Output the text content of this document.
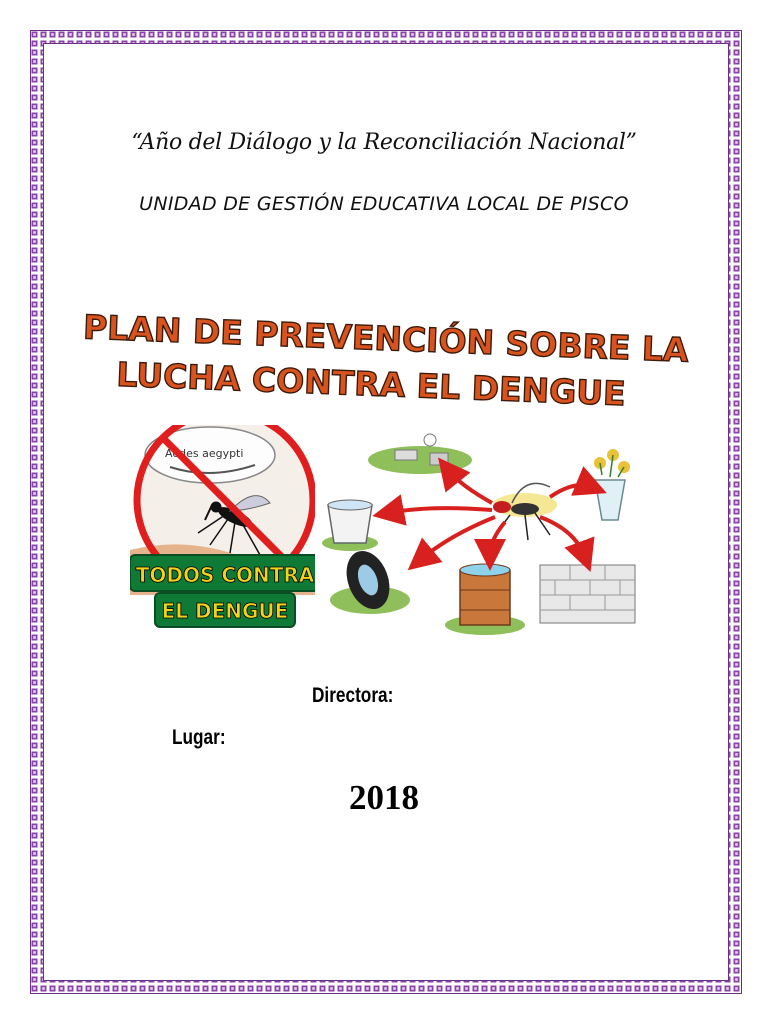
“Año del Diálogo y la Reconciliación Nacional”
UNIDAD DE GESTIÓN EDUCATIVA LOCAL DE PISCO
PLAN DE PREVENCIÓN SOBRE LA
LUCHA CONTRA EL DENGUE
Aedes aegypti
TODOS CONTRA
EL DENGUE
Directora:
Lugar:
2018
